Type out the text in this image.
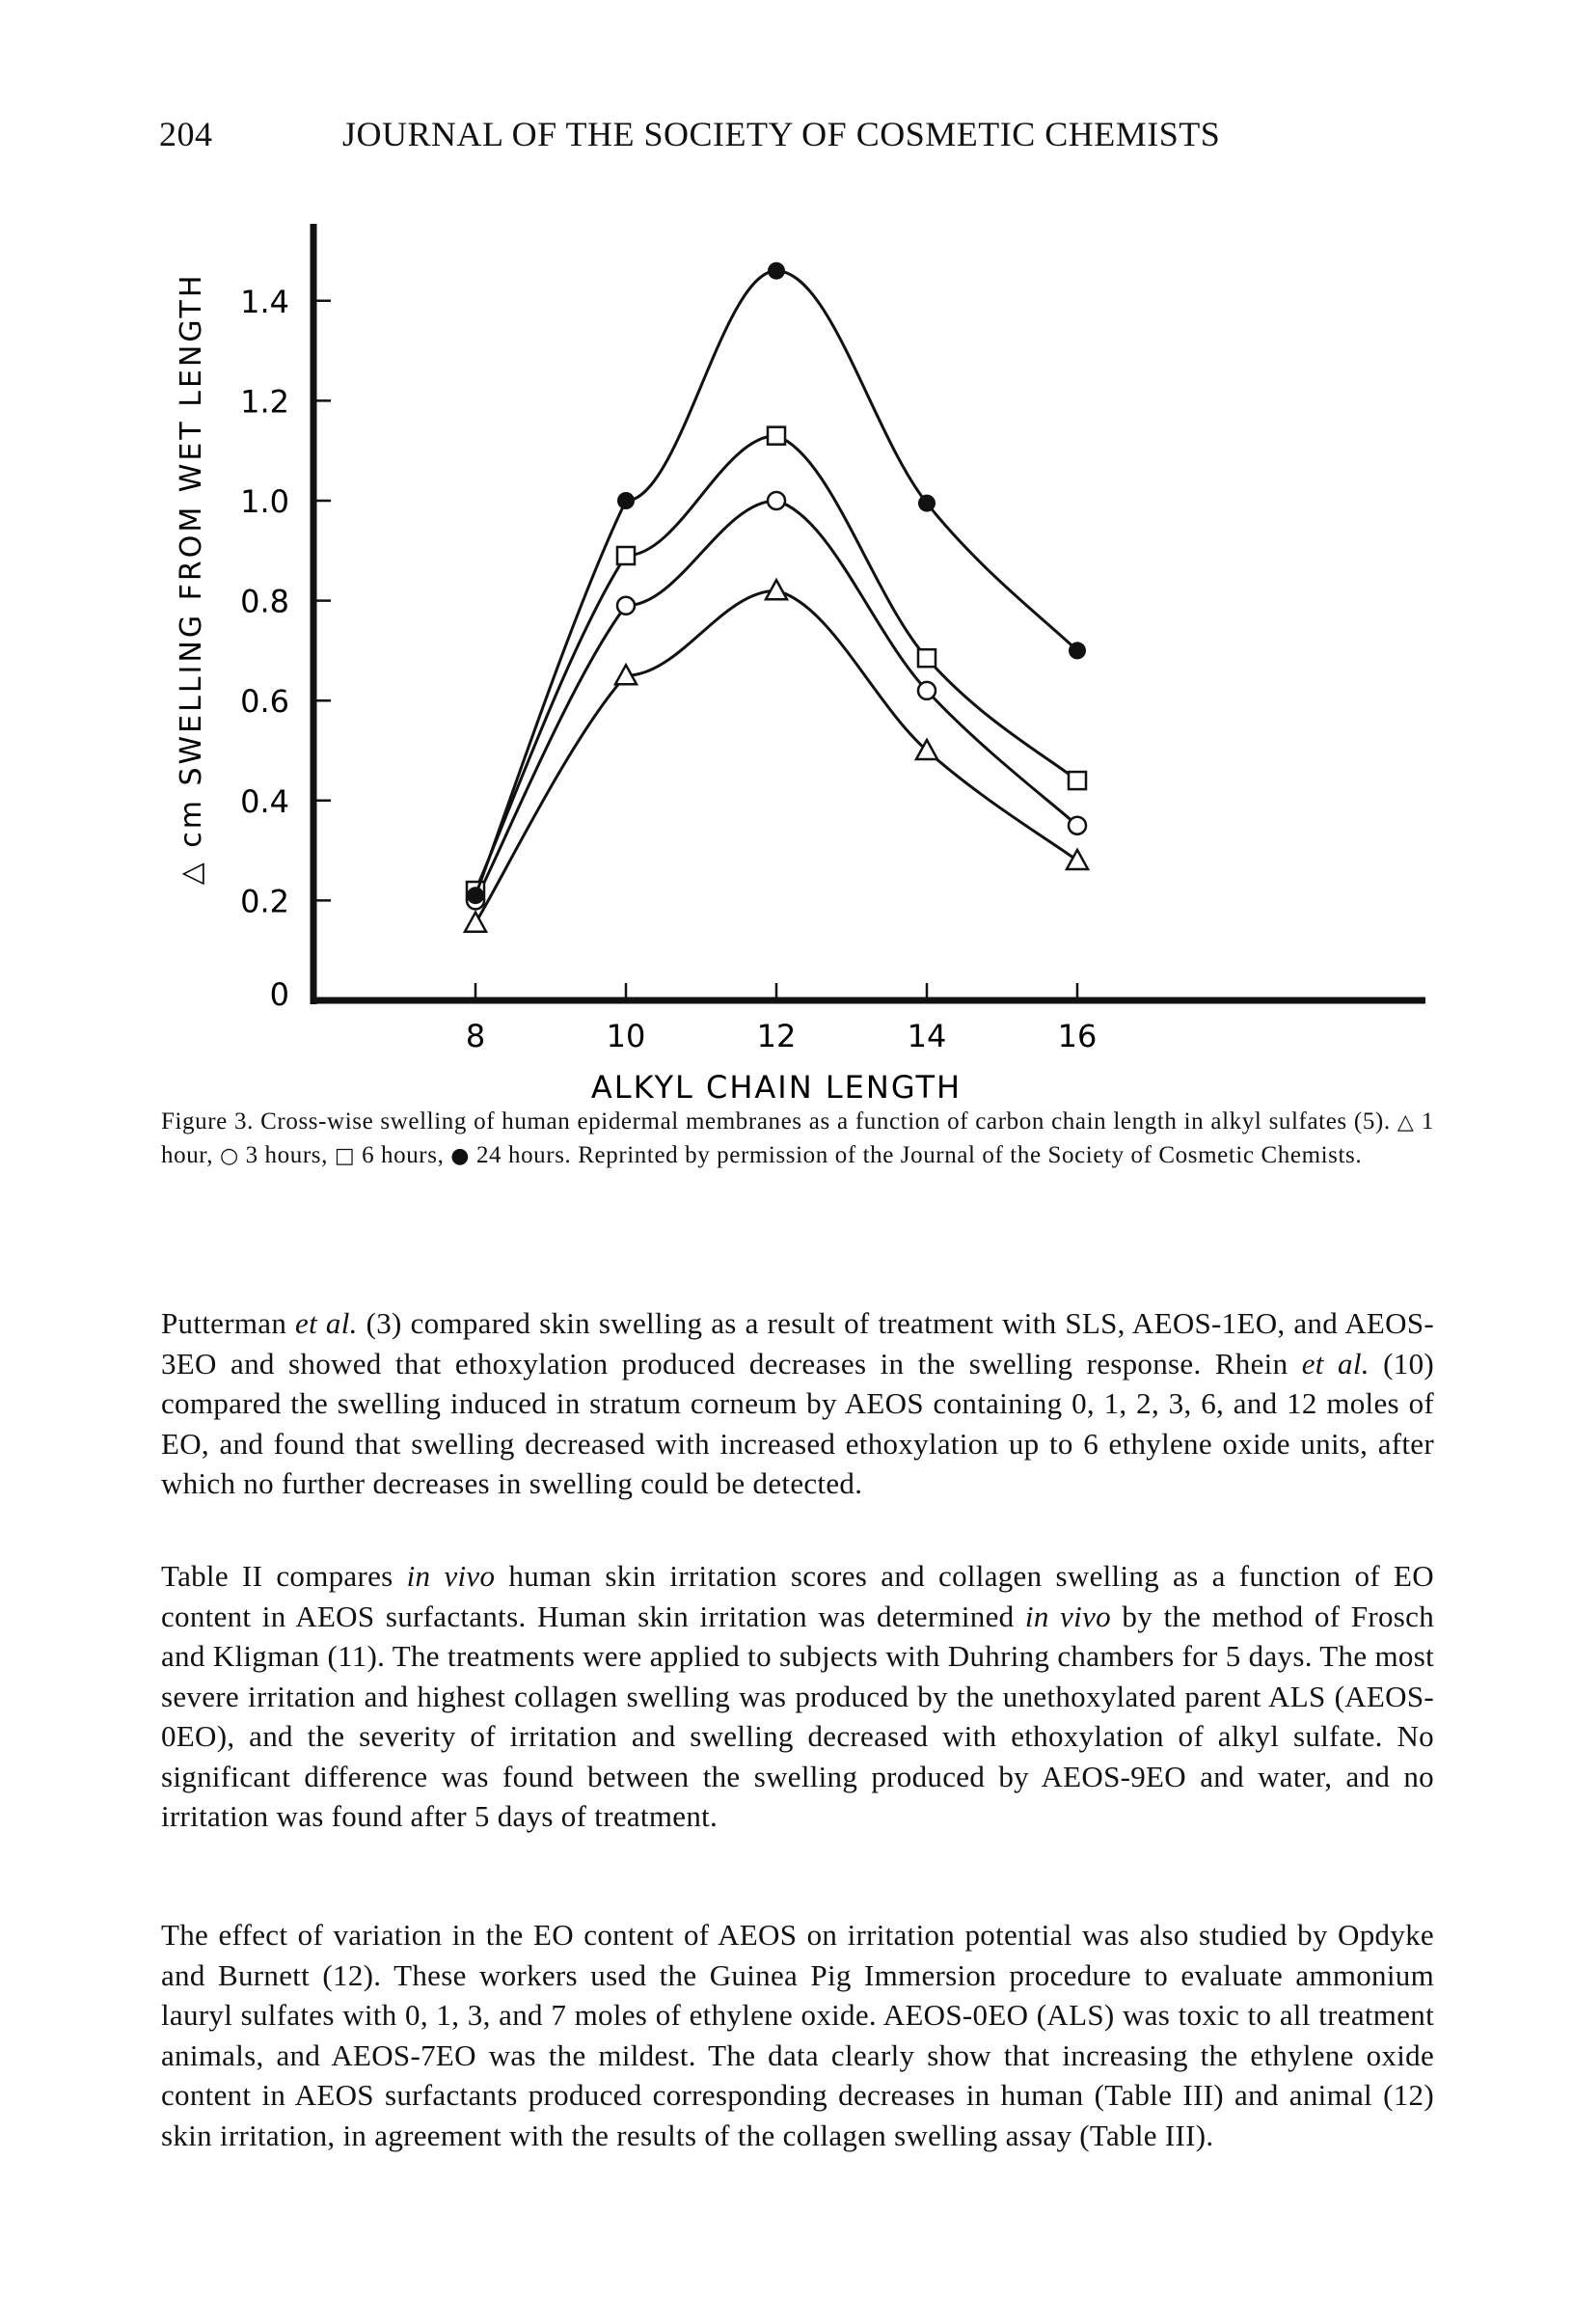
204	JOURNAL OF THE SOCIETY OF COSMETIC CHEMISTS
0
0.2
0.4
0.6
0.8
1.0
1.2
1.4
8	10	12	14	16
△ cm SWELLING FROM WET LENGTH
ALKYL CHAIN LENGTH
Figure 3. Cross-wise swelling of human epidermal membranes as a function of carbon chain length in alkyl sulfates (5). △ 1 hour, ○ 3 hours, □ 6 hours, ● 24 hours. Reprinted by permission of the Journal of the Society of Cosmetic Chemists.

Putterman et al. (3) compared skin swelling as a result of treatment with SLS, AEOS-1EO, and AEOS-3EO and showed that ethoxylation produced decreases in the swelling response. Rhein et al. (10) compared the swelling induced in stratum corneum by AEOS containing 0, 1, 2, 3, 6, and 12 moles of EO, and found that swelling decreased with increased ethoxylation up to 6 ethylene oxide units, after which no further decreases in swelling could be detected.

Table II compares in vivo human skin irritation scores and collagen swelling as a function of EO content in AEOS surfactants. Human skin irritation was determined in vivo by the method of Frosch and Kligman (11). The treatments were applied to subjects with Duhring chambers for 5 days. The most severe irritation and highest collagen swelling was produced by the unethoxylated parent ALS (AEOS-0EO), and the severity of irritation and swelling decreased with ethoxylation of alkyl sulfate. No significant difference was found between the swelling produced by AEOS-9EO and water, and no irritation was found after 5 days of treatment.

The effect of variation in the EO content of AEOS on irritation potential was also studied by Opdyke and Burnett (12). These workers used the Guinea Pig Immersion procedure to evaluate ammonium lauryl sulfates with 0, 1, 3, and 7 moles of ethylene oxide. AEOS-0EO (ALS) was toxic to all treatment animals, and AEOS-7EO was the mildest. The data clearly show that increasing the ethylene oxide content in AEOS surfactants produced corresponding decreases in human (Table III) and animal (12) skin irritation, in agreement with the results of the collagen swelling assay (Table III).
